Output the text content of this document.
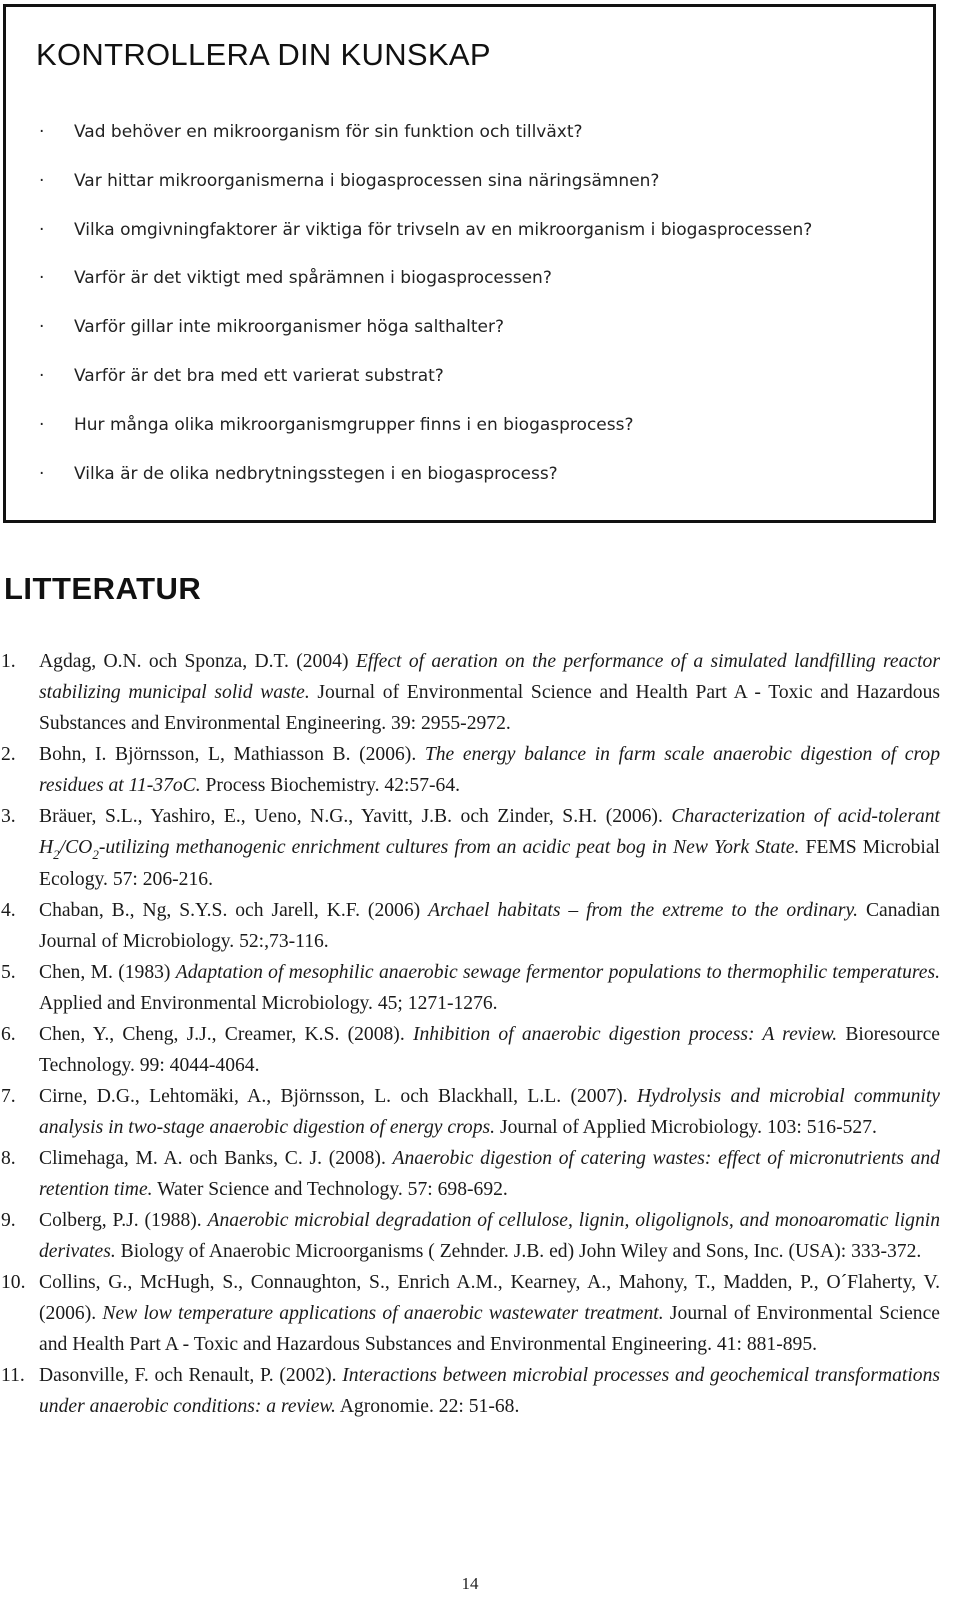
KONTROLLERA DIN KUNSKAP
·	Vad behöver en mikroorganism för sin funktion och tillväxt?
·	Var hittar mikroorganismerna i biogasprocessen sina näringsämnen?
·	Vilka omgivningfaktorer är viktiga för trivseln av en mikroorganism i biogasprocessen?
·	Varför är det viktigt med spårämnen i biogasprocessen?
·	Varför gillar inte mikroorganismer höga salthalter?
·	Varför är det bra med ett varierat substrat?
·	Hur många olika mikroorganismgrupper finns i en biogasprocess?
·	Vilka är de olika nedbrytningsstegen i en biogasprocess?
LITTERATUR
1. Agdag, O.N. och Sponza, D.T. (2004) Effect of aeration on the performance of a simulated landfilling reactor stabilizing municipal solid waste. Journal of Environmental Science and Health Part A - Toxic and Hazardous Substances and Environmental Engineering. 39: 2955-2972.
2. Bohn, I. Björnsson, L, Mathiasson B. (2006). The energy balance in farm scale anaerobic digestion of crop residues at 11-37oC. Process Biochemistry. 42:57-64.
3. Bräuer, S.L., Yashiro, E., Ueno, N.G., Yavitt, J.B. och Zinder, S.H. (2006). Characterization of acid-tolerant $H_2/CO_2$-utilizing methanogenic enrichment cultures from an acidic peat bog in New York State. FEMS Microbial Ecology. 57: 206-216.
4. Chaban, B., Ng, S.Y.S. och Jarell, K.F. (2006) Archael habitats – from the extreme to the ordinary. Canadian Journal of Microbiology. 52:,73-116.
5. Chen, M. (1983) Adaptation of mesophilic anaerobic sewage fermentor populations to thermophilic temperatures. Applied and Environmental Microbiology. 45; 1271-1276.
6. Chen, Y., Cheng, J.J., Creamer, K.S. (2008). Inhibition of anaerobic digestion process: A review. Bioresource Technology. 99: 4044-4064.
7. Cirne, D.G., Lehtomäki, A., Björnsson, L. och Blackhall, L.L. (2007). Hydrolysis and microbial community analysis in two-stage anaerobic digestion of energy crops. Journal of Applied Microbiology. 103: 516-527.
8. Climehaga, M. A. och Banks, C. J. (2008). Anaerobic digestion of catering wastes: effect of micronutrients and retention time. Water Science and Technology. 57: 698-692.
9. Colberg, P.J. (1988). Anaerobic microbial degradation of cellulose, lignin, oligolignols, and monoaromatic lignin derivates. Biology of Anaerobic Microorganisms ( Zehnder. J.B. ed) John Wiley and Sons, Inc. (USA): 333-372.
10. Collins, G., McHugh, S., Connaughton, S., Enrich A.M., Kearney, A., Mahony, T., Madden, P., O´Flaherty, V. (2006). New low temperature applications of anaerobic wastewater treatment. Journal of Environmental Science and Health Part A - Toxic and Hazardous Substances and Environmental Engineering. 41: 881-895.
11. Dasonville, F. och Renault, P. (2002). Interactions between microbial processes and geochemical transformations under anaerobic conditions: a review. Agronomie. 22: 51-68.
14
